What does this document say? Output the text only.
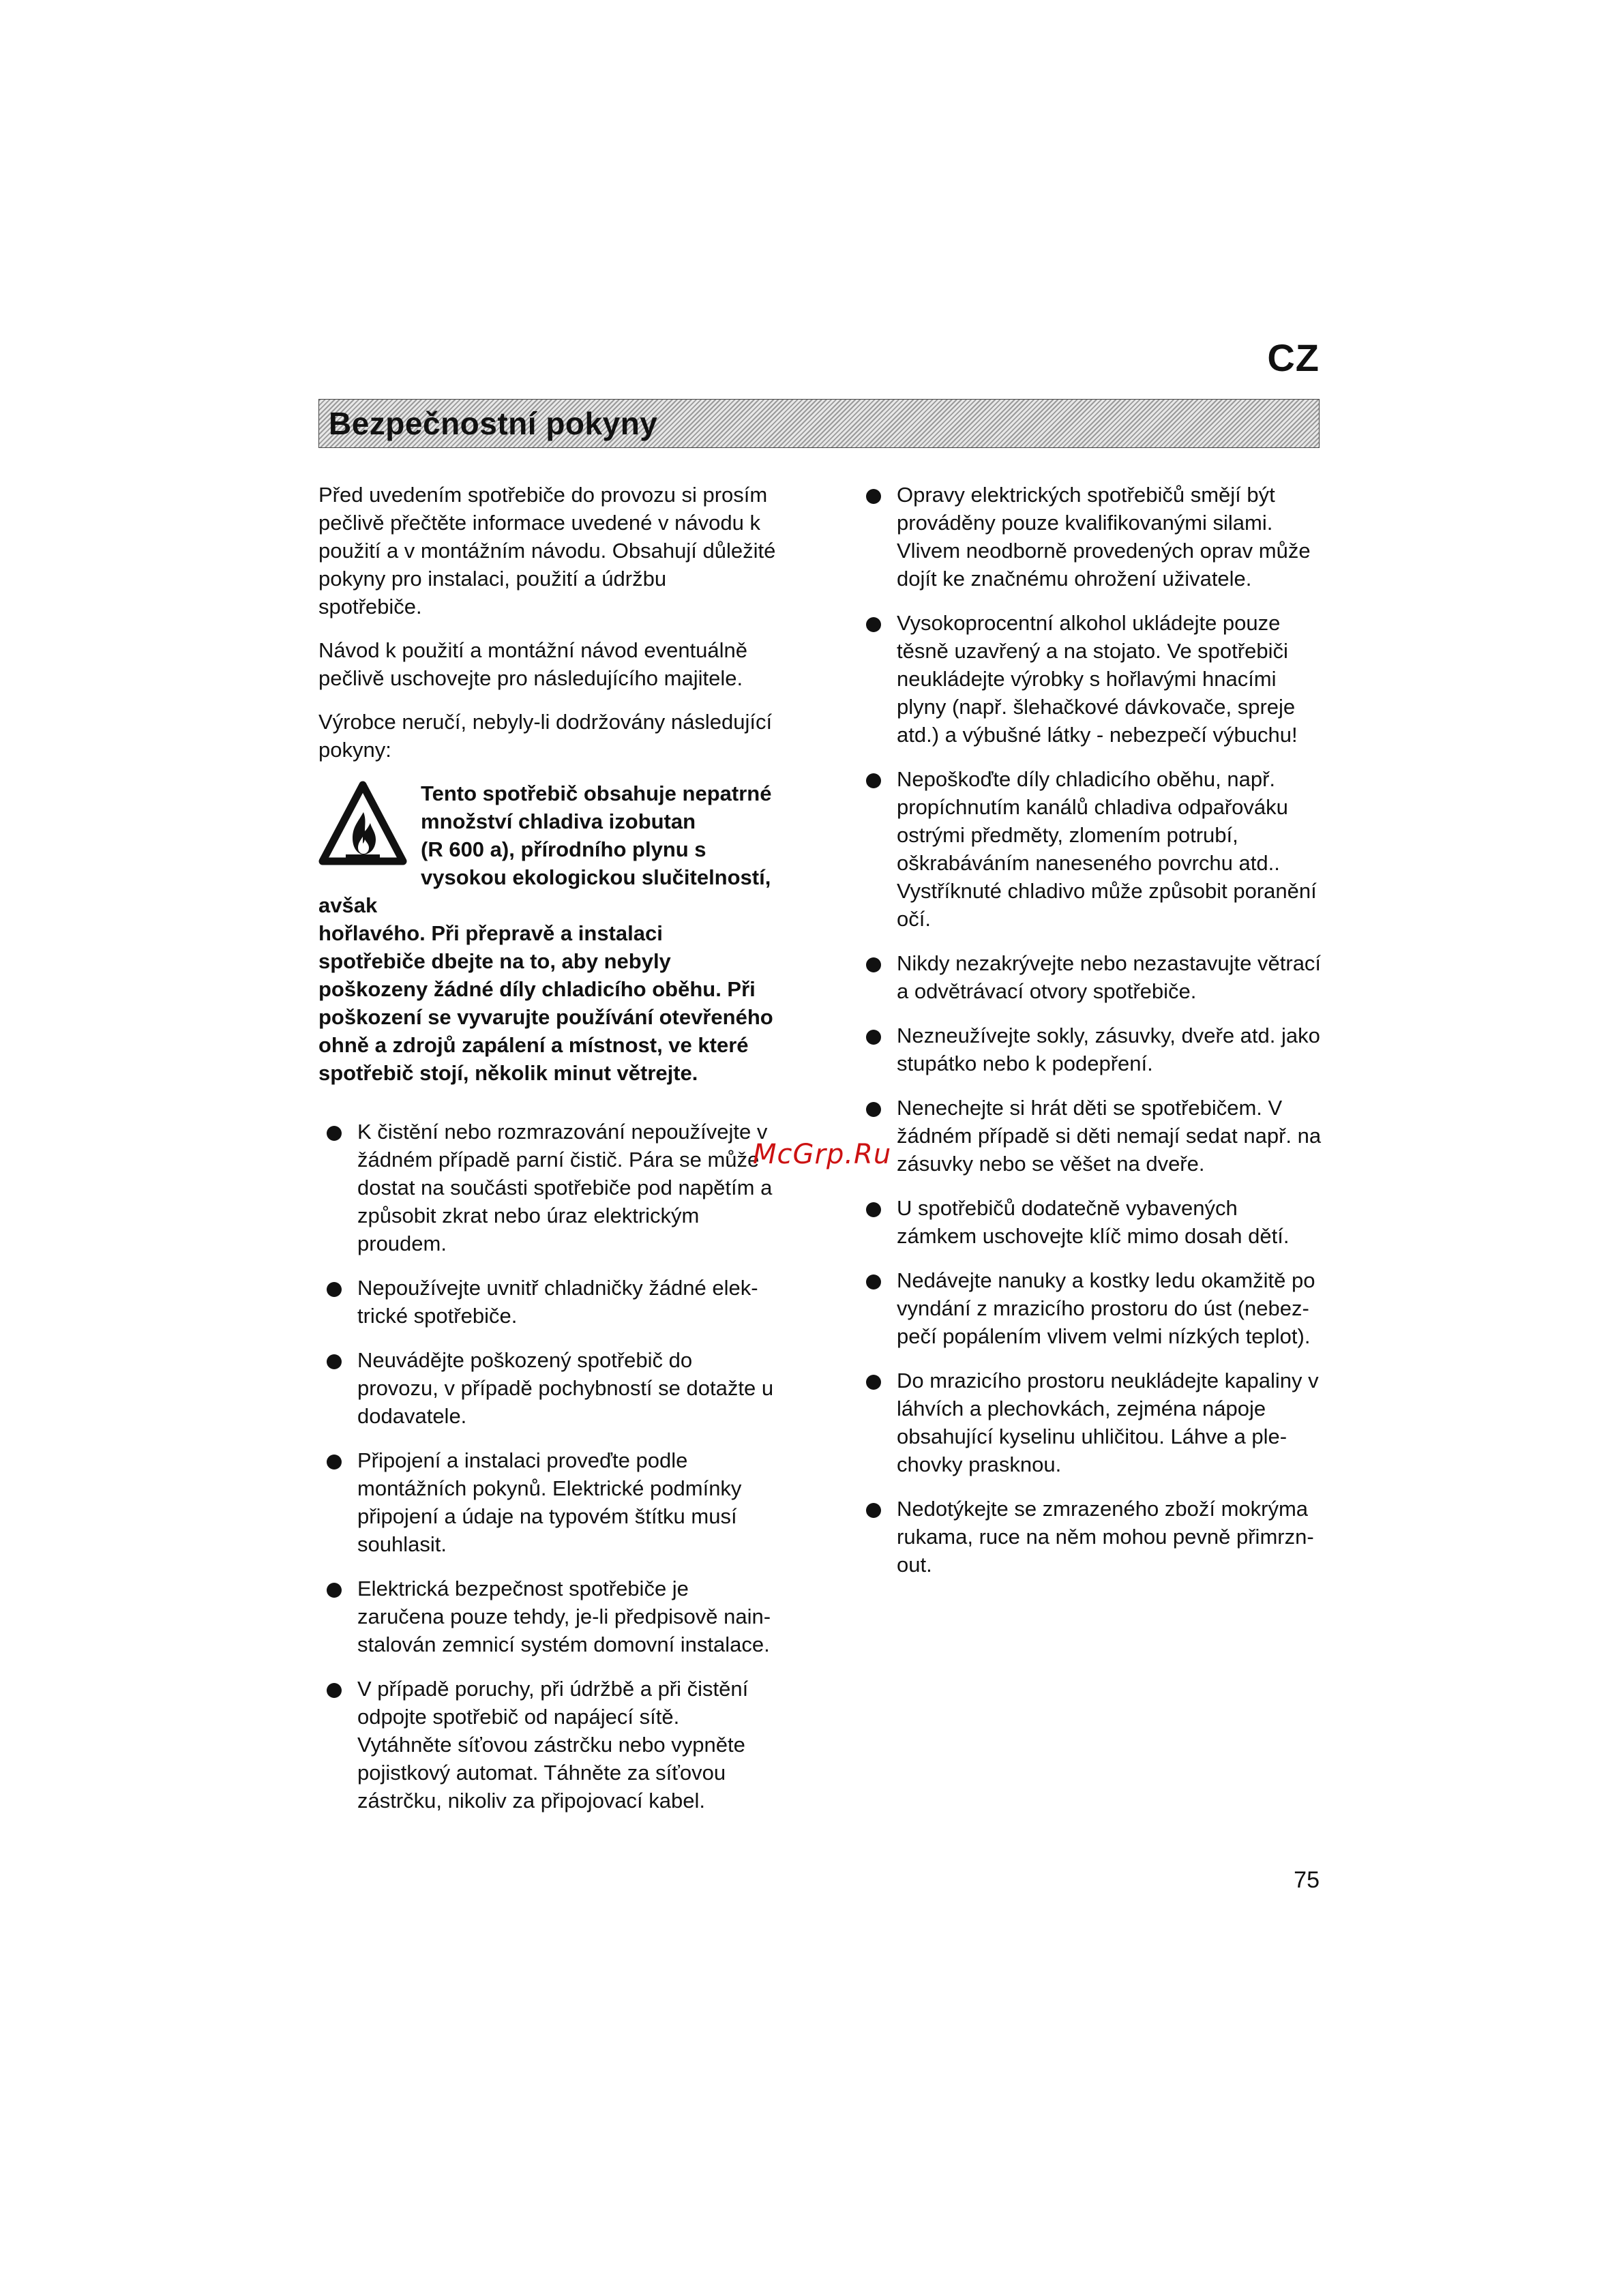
CZ
Bezpečnostní pokyny

Před uvedením spotřebiče do provozu si prosím
pečlivě přečtěte informace uvedené v návodu k
použití a v montážním návodu. Obsahují důležité
pokyny pro instalaci, použití a údržbu
spotřebiče.

Návod k použití a montážní návod eventuálně
pečlivě uschovejte pro následujícího majitele.

Výrobce neručí, nebyly-li dodržovány následující
pokyny:

Tento spotřebič obsahuje nepatrné
množství chladiva izobutan
(R 600 a), přírodního plynu s
vysokou ekologickou slučitelností, avšak
hořlavého. Při přepravě a instalaci
spotřebiče dbejte na to, aby nebyly
poškozeny žádné díly chladicího oběhu. Při
poškození se vyvarujte používání otevřeného
ohně a zdrojů zapálení a místnost, ve které
spotřebič stojí, několik minut větrejte.
K čistění nebo rozmrazování nepoužívejte v
žádném případě parní čistič. Pára se může
dostat na součásti spotřebiče pod napětím a
způsobit zkrat nebo úraz elektrickým
proudem.
Nepoužívejte uvnitř chladničky žádné elek-
trické spotřebiče.
Neuvádějte poškozený spotřebič do
provozu, v případě pochybností se dotažte u
dodavatele.
Připojení a instalaci proveďte podle
montážních pokynů. Elektrické podmínky
připojení a údaje na typovém štítku musí
souhlasit.
Elektrická bezpečnost spotřebiče je
zaručena pouze tehdy, je-li předpisově nain-
stalován zemnicí systém domovní instalace.
V případě poruchy, při údržbě a při čistění
odpojte spotřebič od napájecí sítě.
Vytáhněte síťovou zástrčku nebo vypněte
pojistkový automat. Táhněte za síťovou
zástrčku, nikoliv za připojovací kabel.
Opravy elektrických spotřebičů smějí být
prováděny pouze kvalifikovanými silami.
Vlivem neodborně provedených oprav může
dojít ke značnému ohrožení uživatele.
Vysokoprocentní alkohol ukládejte pouze
těsně uzavřený a na stojato. Ve spotřebiči
neukládejte výrobky s hořlavými hnacími
plyny (např. šlehačkové dávkovače, spreje
atd.) a výbušné látky - nebezpečí výbuchu!
Nepoškoďte díly chladicího oběhu, např.
propíchnutím kanálů chladiva odpařováku
ostrými předměty, zlomením potrubí,
oškrabáváním naneseného povrchu atd..
Vystříknuté chladivo může způsobit poranění
očí.
Nikdy nezakrývejte nebo nezastavujte větrací
a odvětrávací otvory spotřebiče.
Nezneužívejte sokly, zásuvky, dveře atd. jako
stupátko nebo k podepření.
Nenechejte si hrát děti se spotřebičem. V
žádném případě si děti nemají sedat např. na
zásuvky nebo se věšet na dveře.
U spotřebičů dodatečně vybavených
zámkem uschovejte klíč mimo dosah dětí.
Nedávejte nanuky a kostky ledu okamžitě po
vyndání z mrazicího prostoru do úst (nebez-
pečí popálením vlivem velmi nízkých teplot).
Do mrazicího prostoru neukládejte kapaliny v
láhvích a plechovkách, zejména nápoje
obsahující kyselinu uhličitou. Láhve a ple-
chovky prasknou.
Nedotýkejte se zmrazeného zboží mokrýma
rukama, ruce na něm mohou pevně přimrzn-
out.
McGrp.Ru
75
